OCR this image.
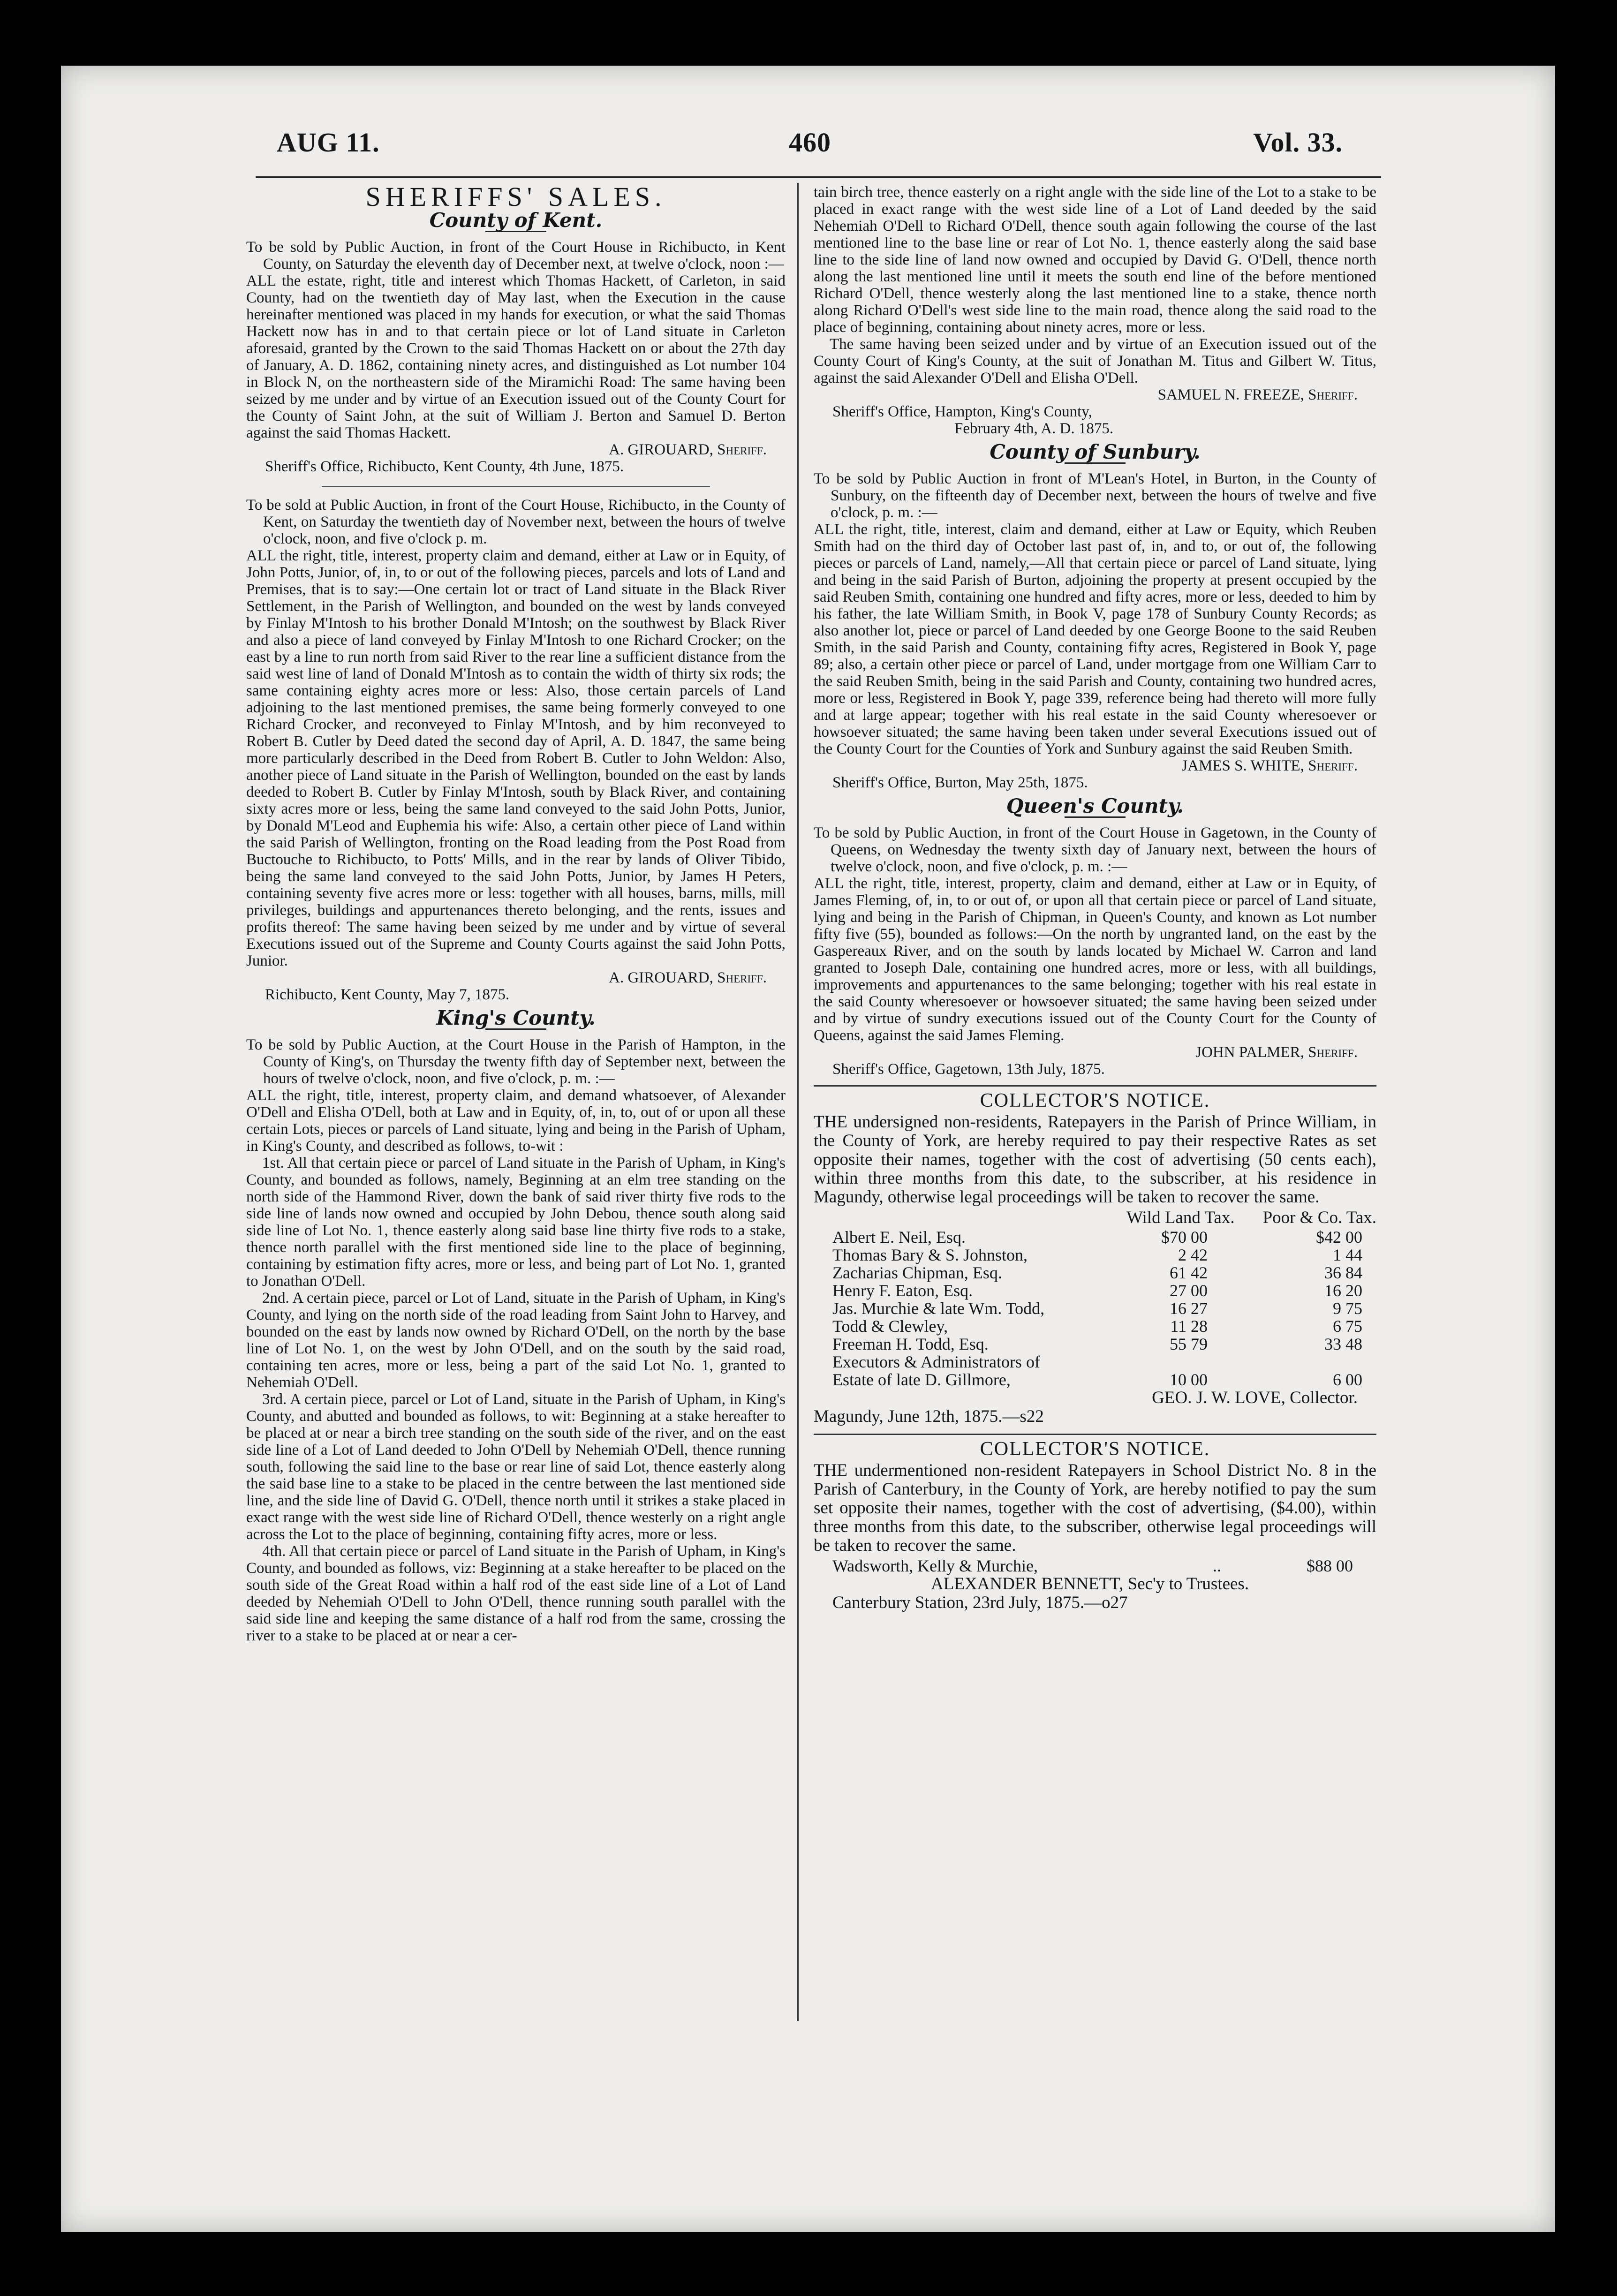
AUG 11.	460	Vol. 33.
SHERIFFS' SALES.
County of Kent.

To be sold by Public Auction, in front of the Court House in Richibucto, in Kent County, on Saturday the eleventh day of December next, at twelve o'clock, noon :—

ALL the estate, right, title and interest which Thomas Hackett, of Carleton, in said County, had on the twentieth day of May last, when the Execution in the cause hereinafter mentioned was placed in my hands for execution, or what the said Thomas Hackett now has in and to that certain piece or lot of Land situate in Carleton aforesaid, granted by the Crown to the said Thomas Hackett on or about the 27th day of January, A. D. 1862, containing ninety acres, and distinguished as Lot number 104 in Block N, on the northeastern side of the Miramichi Road: The same having been seized by me under and by virtue of an Execution issued out of the County Court for the County of Saint John, at the suit of William J. Berton and Samuel D. Berton against the said Thomas Hackett.

A. GIROUARD, Sheriff.

Sheriff's Office, Richibucto, Kent County, 4th June, 1875.

To be sold at Public Auction, in front of the Court House, Richibucto, in the County of Kent, on Saturday the twentieth day of November next, between the hours of twelve o'clock, noon, and five o'clock p. m.

ALL the right, title, interest, property claim and demand, either at Law or in Equity, of John Potts, Junior, of, in, to or out of the following pieces, parcels and lots of Land and Premises, that is to say:—One certain lot or tract of Land situate in the Black River Settlement, in the Parish of Wellington, and bounded on the west by lands conveyed by Finlay M'Intosh to his brother Donald M'Intosh; on the southwest by Black River and also a piece of land conveyed by Finlay M'Intosh to one Richard Crocker; on the east by a line to run north from said River to the rear line a sufficient distance from the said west line of land of Donald M'Intosh as to contain the width of thirty six rods; the same containing eighty acres more or less: Also, those certain parcels of Land adjoining to the last mentioned premises, the same being formerly conveyed to one Richard Crocker, and reconveyed to Finlay M'Intosh, and by him reconveyed to Robert B. Cutler by Deed dated the second day of April, A. D. 1847, the same being more particularly described in the Deed from Robert B. Cutler to John Weldon: Also, another piece of Land situate in the Parish of Wellington, bounded on the east by lands deeded to Robert B. Cutler by Finlay M'Intosh, south by Black River, and containing sixty acres more or less, being the same land conveyed to the said John Potts, Junior, by Donald M'Leod and Euphemia his wife: Also, a certain other piece of Land within the said Parish of Wellington, fronting on the Road leading from the Post Road from Buctouche to Richibucto, to Potts' Mills, and in the rear by lands of Oliver Tibido, being the same land conveyed to the said John Potts, Junior, by James H Peters, containing seventy five acres more or less: together with all houses, barns, mills, mill privileges, buildings and appurtenances thereto belonging, and the rents, issues and profits thereof: The same having been seized by me under and by virtue of several Executions issued out of the Supreme and County Courts against the said John Potts, Junior.

A. GIROUARD, Sheriff.

Richibucto, Kent County, May 7, 1875.

King's County.

To be sold by Public Auction, at the Court House in the Parish of Hampton, in the County of King's, on Thursday the twenty fifth day of September next, between the hours of twelve o'clock, noon, and five o'clock, p. m. :—

ALL the right, title, interest, property claim, and demand whatsoever, of Alexander O'Dell and Elisha O'Dell, both at Law and in Equity, of, in, to, out of or upon all these certain Lots, pieces or parcels of Land situate, lying and being in the Parish of Upham, in King's County, and described as follows, to-wit :

1st. All that certain piece or parcel of Land situate in the Parish of Upham, in King's County, and bounded as follows, namely, Beginning at an elm tree standing on the north side of the Hammond River, down the bank of said river thirty five rods to the side line of lands now owned and occupied by John Debou, thence south along said side line of Lot No. 1, thence easterly along said base line thirty five rods to a stake, thence north parallel with the first mentioned side line to the place of beginning, containing by estimation fifty acres, more or less, and being part of Lot No. 1, granted to Jonathan O'Dell.

2nd. A certain piece, parcel or Lot of Land, situate in the Parish of Upham, in King's County, and lying on the north side of the road leading from Saint John to Harvey, and bounded on the east by lands now owned by Richard O'Dell, on the north by the base line of Lot No. 1, on the west by John O'Dell, and on the south by the said road, containing ten acres, more or less, being a part of the said Lot No. 1, granted to Nehemiah O'Dell.

3rd. A certain piece, parcel or Lot of Land, situate in the Parish of Upham, in King's County, and abutted and bounded as follows, to wit: Beginning at a stake hereafter to be placed at or near a birch tree standing on the south side of the river, and on the east side line of a Lot of Land deeded to John O'Dell by Nehemiah O'Dell, thence running south, following the said line to the base or rear line of said Lot, thence easterly along the said base line to a stake to be placed in the centre between the last mentioned side line, and the side line of David G. O'Dell, thence north until it strikes a stake placed in exact range with the west side line of Richard O'Dell, thence westerly on a right angle across the Lot to the place of beginning, containing fifty acres, more or less.

4th. All that certain piece or parcel of Land situate in the Parish of Upham, in King's County, and bounded as follows, viz: Beginning at a stake hereafter to be placed on the south side of the Great Road within a half rod of the east side line of a Lot of Land deeded by Nehemiah O'Dell to John O'Dell, thence running south parallel with the said side line and keeping the same distance of a half rod from the same, crossing the river to a stake to be placed at or near a cer-

tain birch tree, thence easterly on a right angle with the side line of the Lot to a stake to be placed in exact range with the west side line of a Lot of Land deeded by the said Nehemiah O'Dell to Richard O'Dell, thence south again following the course of the last mentioned line to the base line or rear of Lot No. 1, thence easterly along the said base line to the side line of land now owned and occupied by David G. O'Dell, thence north along the last mentioned line until it meets the south end line of the before mentioned Richard O'Dell, thence westerly along the last mentioned line to a stake, thence north along Richard O'Dell's west side line to the main road, thence along the said road to the place of beginning, containing about ninety acres, more or less.

The same having been seized under and by virtue of an Execution issued out of the County Court of King's County, at the suit of Jonathan M. Titus and Gilbert W. Titus, against the said Alexander O'Dell and Elisha O'Dell.

SAMUEL N. FREEZE, Sheriff.

Sheriff's Office, Hampton, King's County,

February 4th, A. D. 1875.

County of Sunbury.

To be sold by Public Auction in front of M'Lean's Hotel, in Burton, in the County of Sunbury, on the fifteenth day of December next, between the hours of twelve and five o'clock, p. m. :—

ALL the right, title, interest, claim and demand, either at Law or Equity, which Reuben Smith had on the third day of October last past of, in, and to, or out of, the following pieces or parcels of Land, namely,—All that certain piece or parcel of Land situate, lying and being in the said Parish of Burton, adjoining the property at present occupied by the said Reuben Smith, containing one hundred and fifty acres, more or less, deeded to him by his father, the late William Smith, in Book V, page 178 of Sunbury County Records; as also another lot, piece or parcel of Land deeded by one George Boone to the said Reuben Smith, in the said Parish and County, containing fifty acres, Registered in Book Y, page 89; also, a certain other piece or parcel of Land, under mortgage from one William Carr to the said Reuben Smith, being in the said Parish and County, containing two hundred acres, more or less, Registered in Book Y, page 339, reference being had thereto will more fully and at large appear; together with his real estate in the said County wheresoever or howsoever situated; the same having been taken under several Executions issued out of the County Court for the Counties of York and Sunbury against the said Reuben Smith.

JAMES S. WHITE, Sheriff.

Sheriff's Office, Burton, May 25th, 1875.

Queen's County.

To be sold by Public Auction, in front of the Court House in Gagetown, in the County of Queens, on Wednesday the twenty sixth day of January next, between the hours of twelve o'clock, noon, and five o'clock, p. m. :—

ALL the right, title, interest, property, claim and demand, either at Law or in Equity, of James Fleming, of, in, to or out of, or upon all that certain piece or parcel of Land situate, lying and being in the Parish of Chipman, in Queen's County, and known as Lot number fifty five (55), bounded as follows:—On the north by ungranted land, on the east by the Gaspereaux River, and on the south by lands located by Michael W. Carron and land granted to Joseph Dale, containing one hundred acres, more or less, with all buildings, improvements and appurtenances to the same belonging; together with his real estate in the said County wheresoever or howsoever situated; the same having been seized under and by virtue of sundry executions issued out of the County Court for the County of Queens, against the said James Fleming.

JOHN PALMER, Sheriff.

Sheriff's Office, Gagetown, 13th July, 1875.

COLLECTOR'S NOTICE.

THE undersigned non-residents, Ratepayers in the Parish of Prince William, in the County of York, are hereby required to pay their respective Rates as set opposite their names, together with the cost of advertising (50 cents each), within three months from this date, to the subscriber, at his residence in Magundy, otherwise legal proceedings will be taken to recover the same.

Wild Land Tax. Poor & Co. Tax.
Albert E. Neil, Esq.	$70 00	$42 00
Thomas Bary & S. Johnston,	2 42	1 44
Zacharias Chipman, Esq.	61 42	36 84
Henry F. Eaton, Esq.	27 00	16 20
Jas. Murchie & late Wm. Todd,	16 27	9 75
Todd & Clewley,	11 28	6 75
Freeman H. Todd, Esq.	55 79	33 48
Executors & Administrators of
Estate of late D. Gillmore,	10 00	6 00

GEO. J. W. LOVE, Collector.

Magundy, June 12th, 1875.—s22

COLLECTOR'S NOTICE.

THE undermentioned non-resident Ratepayers in School District No. 8 in the Parish of Canterbury, in the County of York, are hereby notified to pay the sum set opposite their names, together with the cost of advertising, ($4.00), within three months from this date, to the subscriber, otherwise legal proceedings will be taken to recover the same.

Wadsworth, Kelly & Murchie,	..	$88 00

ALEXANDER BENNETT, Sec'y to Trustees.

Canterbury Station, 23rd July, 1875.—o27
